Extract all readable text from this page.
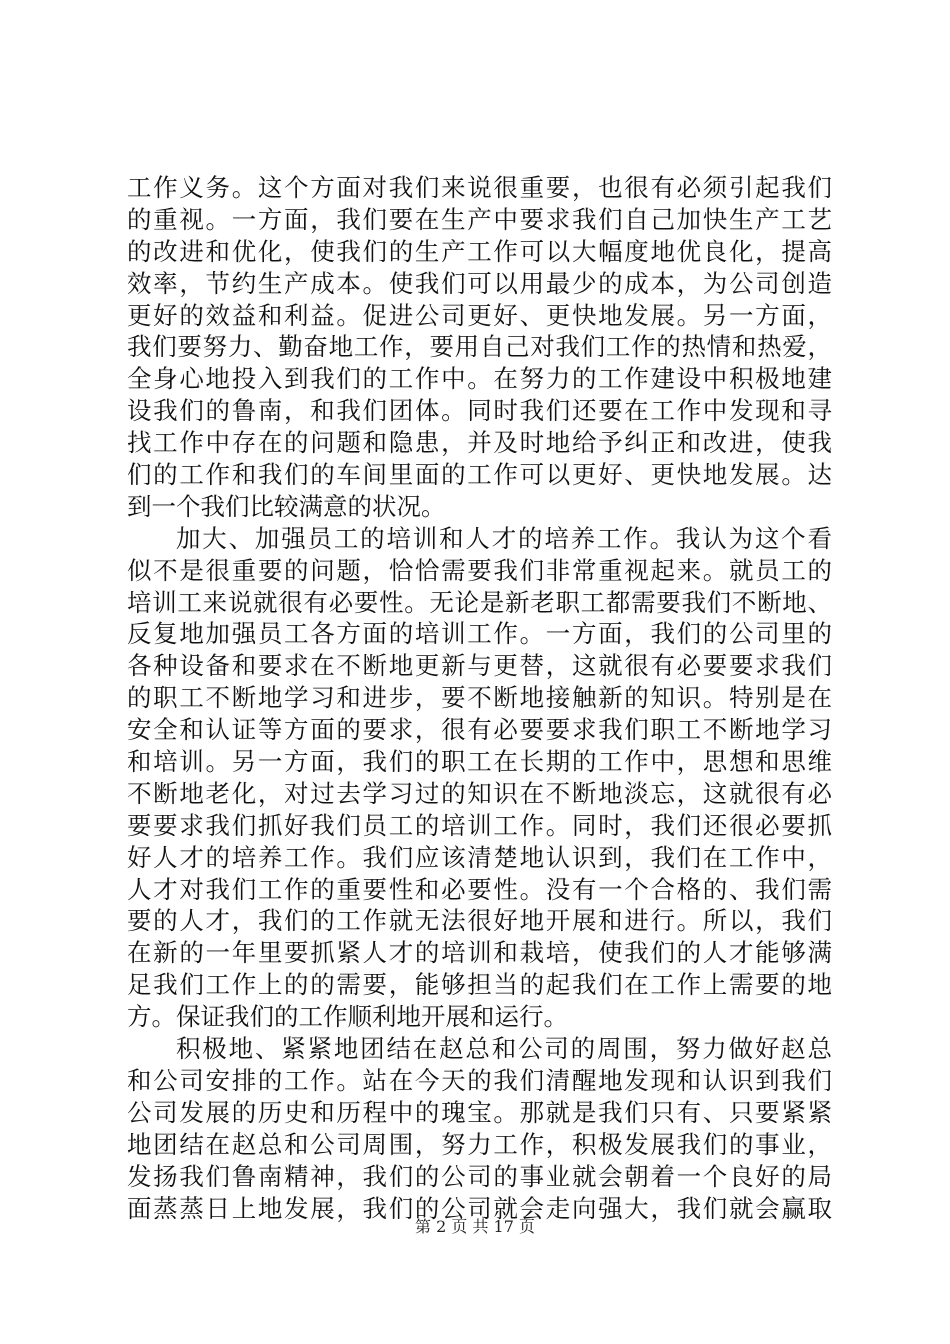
工作义务。这个方面对我们来说很重要，也很有必须引起我们
的重视。一方面，我们要在生产中要求我们自己加快生产工艺
的改进和优化，使我们的生产工作可以大幅度地优良化，提高
效率，节约生产成本。使我们可以用最少的成本，为公司创造
更好的效益和利益。促进公司更好、更快地发展。另一方面，
我们要努力、勤奋地工作，要用自己对我们工作的热情和热爱，
全身心地投入到我们的工作中。在努力的工作建设中积极地建
设我们的鲁南，和我们团体。同时我们还要在工作中发现和寻
找工作中存在的问题和隐患，并及时地给予纠正和改进，使我
们的工作和我们的车间里面的工作可以更好、更快地发展。达
到一个我们比较满意的状况。
加大、加强员工的培训和人才的培养工作。我认为这个看
似不是很重要的问题，恰恰需要我们非常重视起来。就员工的
培训工来说就很有必要性。无论是新老职工都需要我们不断地、
反复地加强员工各方面的培训工作。一方面，我们的公司里的
各种设备和要求在不断地更新与更替，这就很有必要要求我们
的职工不断地学习和进步，要不断地接触新的知识。特别是在
安全和认证等方面的要求，很有必要要求我们职工不断地学习
和培训。另一方面，我们的职工在长期的工作中，思想和思维
不断地老化，对过去学习过的知识在不断地淡忘，这就很有必
要要求我们抓好我们员工的培训工作。同时，我们还很必要抓
好人才的培养工作。我们应该清楚地认识到，我们在工作中，
人才对我们工作的重要性和必要性。没有一个合格的、我们需
要的人才，我们的工作就无法很好地开展和进行。所以，我们
在新的一年里要抓紧人才的培训和栽培，使我们的人才能够满
足我们工作上的的需要，能够担当的起我们在工作上需要的地
方。保证我们的工作顺利地开展和运行。
积极地、紧紧地团结在赵总和公司的周围，努力做好赵总
和公司安排的工作。站在今天的我们清醒地发现和认识到我们
公司发展的历史和历程中的瑰宝。那就是我们只有、只要紧紧
地团结在赵总和公司周围，努力工作，积极发展我们的事业，
发扬我们鲁南精神，我们的公司的事业就会朝着一个良好的局
面蒸蒸日上地发展，我们的公司就会走向强大，我们就会赢取
第 2 页 共 17 页
